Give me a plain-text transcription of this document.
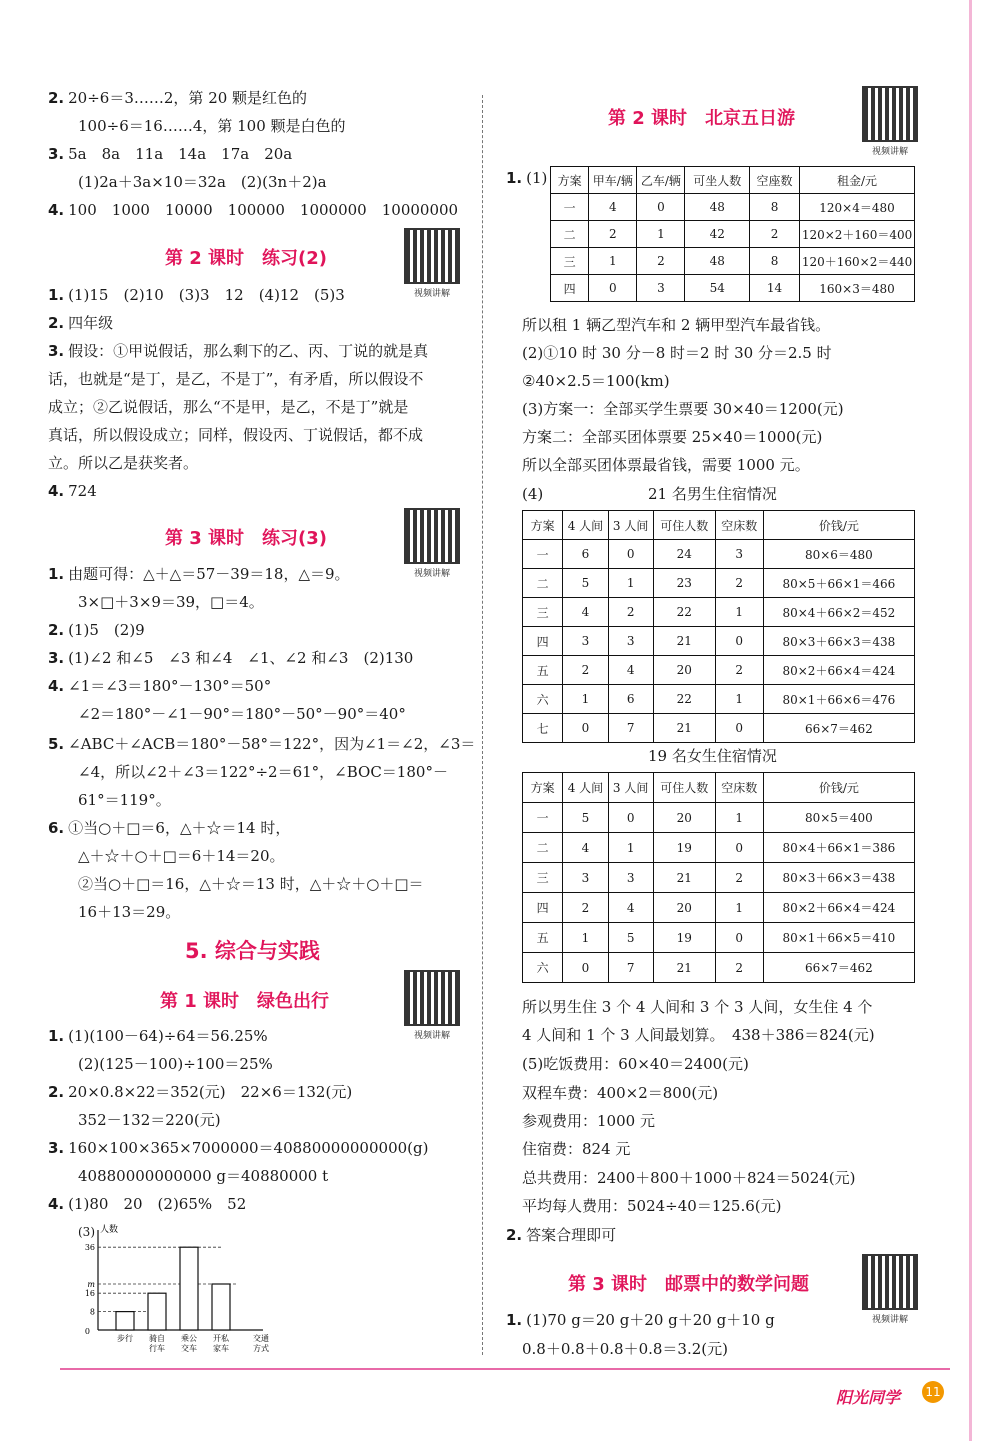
2. 20÷6＝3……2，第 20 颗是红色的
100÷6＝16……4，第 100 颗是白色的
3. 5a　8a　11a　14a　17a　20a
(1)2a＋3a×10＝32a　(2)(3n＋2)a
4. 100　1000　10000　100000　1000000　10000000
第 2 课时　练习(2)
视频讲解
1. (1)15　(2)10　(3)3　12　(4)12　(5)3
2. 四年级
3. 假设：①甲说假话，那么剩下的乙、丙、丁说的就是真
话，也就是“是丁，是乙，不是丁”，有矛盾，所以假设不
成立；②乙说假话，那么“不是甲，是乙，不是丁”就是
真话，所以假设成立；同样，假设丙、丁说假话，都不成
立。所以乙是获奖者。
4. 724
第 3 课时　练习(3)
视频讲解
1. 由题可得：△＋△＝57－39＝18，△＝9。
3×□＋3×9＝39，□＝4。
2. (1)5　(2)9
3. (1)∠2 和∠5　∠3 和∠4　∠1、∠2 和∠3　(2)130
4. ∠1＝∠3＝180°－130°＝50°
∠2＝180°－∠1－90°＝180°－50°－90°＝40°
5. ∠ABC＋∠ACB＝180°－58°＝122°，因为∠1＝∠2，∠3＝
∠4，所以∠2＋∠3＝122°÷2＝61°，∠BOC＝180°－
61°＝119°。
6. ①当○＋□＝6，△＋☆＝14 时，
△＋☆＋○＋□＝6＋14＝20。
②当○＋□＝16，△＋☆＝13 时，△＋☆＋○＋□＝
16＋13＝29。
5. 综合与实践
第 1 课时　绿色出行
视频讲解
1. (1)(100－64)÷64＝56.25%
(2)(125－100)÷100＝25%
2. 20×0.8×22＝352(元)　22×6＝132(元)
352－132＝220(元)
3. 160×100×365×7000000＝40880000000000(g)
40880000000000 g＝40880000 t
4. (1)80　20　(2)65%　52
(3) 人数
0
8
16
m
36
步行 骑自
行车
乘公
交车
开私
家车
交通
方式
第 2 课时　北京五日游
视频讲解
1. (1) 方案	甲车/辆	乙车/辆	可坐人数	空座数	租金/元
一	4	0	48	8	120×4＝480
二	2	1	42	2	120×2＋160＝400
三	1	2	48	8	120＋160×2＝440
四	0	3	54	14	160×3＝480
所以租 1 辆乙型汽车和 2 辆甲型汽车最省钱。
(2)①10 时 30 分－8 时＝2 时 30 分＝2.5 时
②40×2.5＝100(km)
(3)方案一：全部买学生票要 30×40＝1200(元)
方案二：全部买团体票要 25×40＝1000(元)
所以全部买团体票最省钱，需要 1000 元。
(4)	21 名男生住宿情况
方案	4 人间	3 人间	可住人数	空床数	价钱/元
一	6	0	24	3	80×6＝480
二	5	1	23	2	80×5＋66×1＝466
三	4	2	22	1	80×4＋66×2＝452
四	3	3	21	0	80×3＋66×3＝438
五	2	4	20	2	80×2＋66×4＝424
六	1	6	22	1	80×1＋66×6＝476
七	0	7	21	0	66×7＝462
19 名女生住宿情况
方案	4 人间	3 人间	可住人数	空床数	价钱/元
一	5	0	20	1	80×5＝400
二	4	1	19	0	80×4＋66×1＝386
三	3	3	21	2	80×3＋66×3＝438
四	2	4	20	1	80×2＋66×4＝424
五	1	5	19	0	80×1＋66×5＝410
六	0	7	21	2	66×7＝462
所以男生住 3 个 4 人间和 3 个 3 人间，女生住 4 个
4 人间和 1 个 3 人间最划算。　438＋386＝824(元)
(5)吃饭费用：60×40＝2400(元)
双程车费：400×2＝800(元)
参观费用：1000 元
住宿费：824 元
总共费用：2400＋800＋1000＋824＝5024(元)
平均每人费用：5024÷40＝125.6(元)
2. 答案合理即可
第 3 课时　邮票中的数学问题
视频讲解
1. (1)70 g＝20 g＋20 g＋20 g＋10 g
0.8＋0.8＋0.8＋0.8＝3.2(元)
阳光同学 11
